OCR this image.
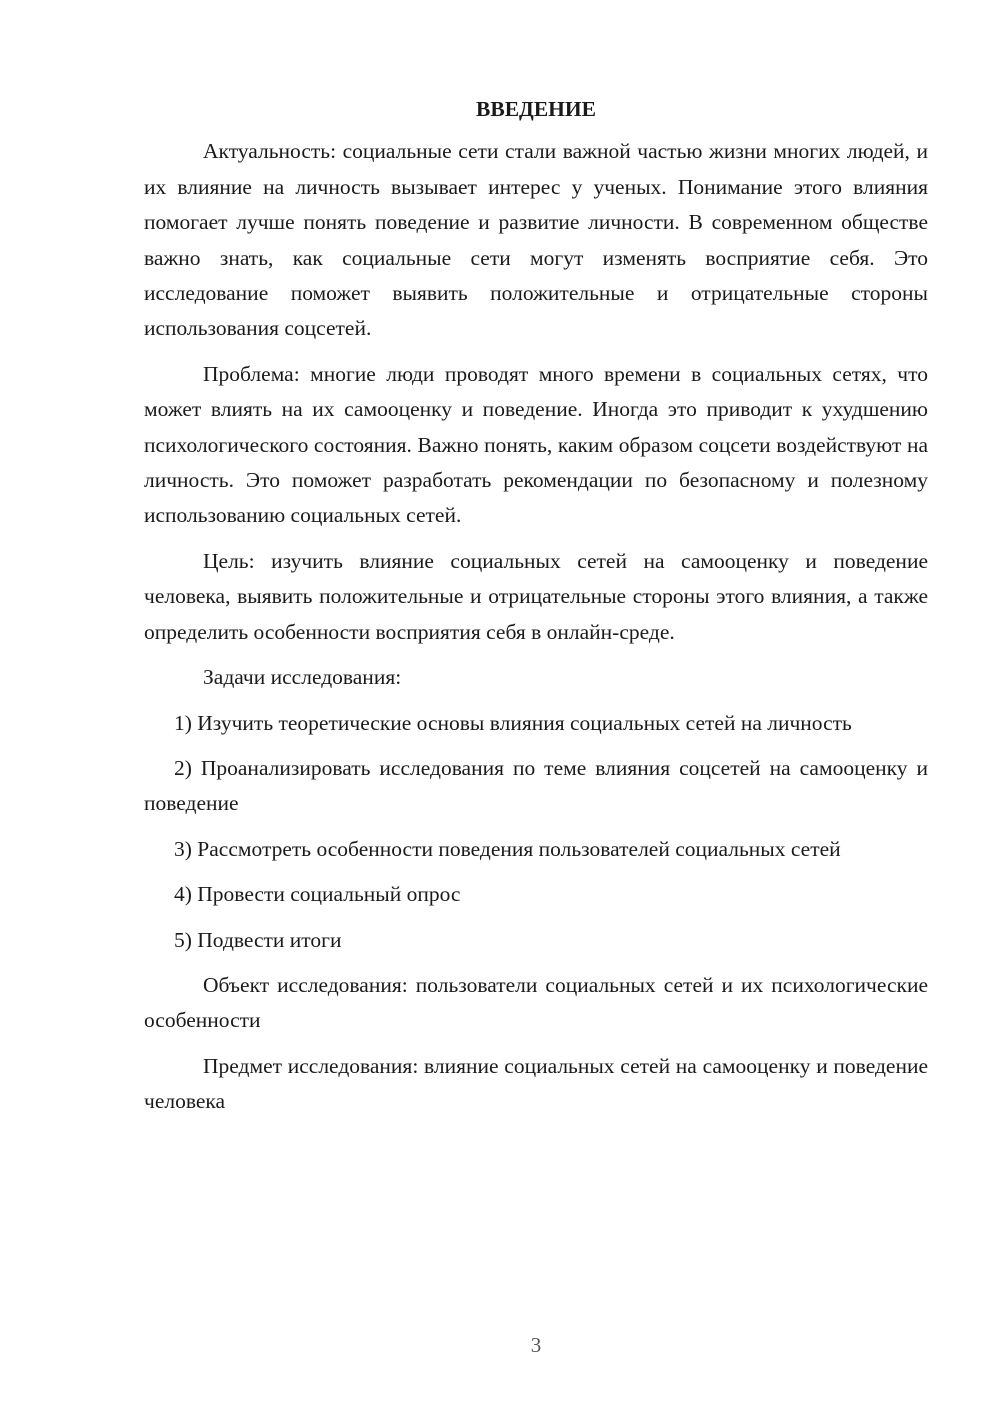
ВВЕДЕНИЕ

Актуальность: социальные сети стали важной частью жизни многих людей, и их влияние на личность вызывает интерес у ученых. Понимание этого влияния помогает лучше понять поведение и развитие личности. В современном обществе важно знать, как социальные сети могут изменять восприятие себя. Это исследование поможет выявить положительные и отрицательные стороны использования соцсетей.

Проблема: многие люди проводят много времени в социальных сетях, что может влиять на их самооценку и поведение. Иногда это приводит к ухудшению психологического состояния. Важно понять, каким образом соцсети воздействуют на личность. Это поможет разработать рекомендации по безопасному и полезному использованию социальных сетей.

Цель: изучить влияние социальных сетей на самооценку и поведение человека, выявить положительные и отрицательные стороны этого влияния, а также определить особенности восприятия себя в онлайн-среде.

Задачи исследования:

1) Изучить теоретические основы влияния социальных сетей на личность

2) Проанализировать исследования по теме влияния соцсетей на самооценку и поведение

3) Рассмотреть особенности поведения пользователей социальных сетей

4) Провести социальный опрос

5) Подвести итоги

Объект исследования: пользователи социальных сетей и их психологические особенности

Предмет исследования: влияние социальных сетей на самооценку и поведение человека

3
